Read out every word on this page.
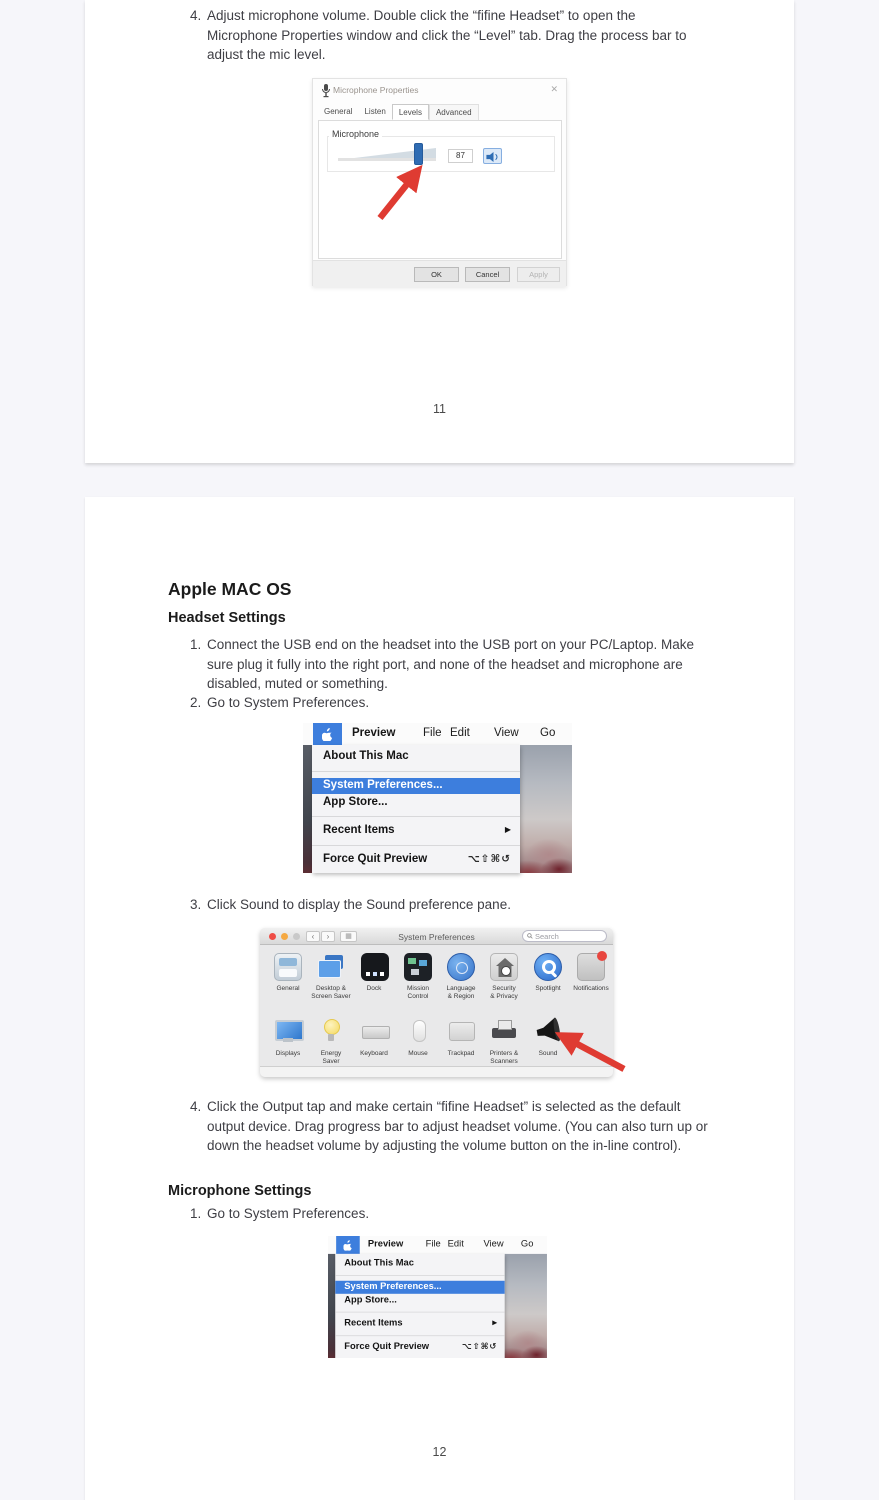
4. Adjust microphone volume. Double click the “fifine Headset” to open the Microphone Properties window and click the “Level” tab. Drag the process bar to adjust the mic level.
Microphone Properties	✕
General	Listen	Levels	Advanced
Microphone
87
OK	Cancel	Apply
11
Apple MAC OS
Headset Settings
1. Connect the USB end on the headset into the USB port on your PC/Laptop. Make sure plug it fully into the right port, and none of the headset and microphone are disabled, muted or something.
2. Go to System Preferences.
Preview File Edit View Go
About This Mac
System Preferences...
App Store...
Recent Items	▶
Force Quit Preview	⌥⇧⌘↺
3. Click Sound to display the Sound preference pane.
‹	›	▦	System Preferences	Search
General	Desktop &
Screen Saver
Dock	Mission
Control
Language
& Region
Security
& Privacy
Spotlight	Notifications
Displays	Energy
Saver
Keyboard	Mouse	Trackpad	Printers &
Scanners
Sound
4. Click the Output tap and make certain “fifine Headset” is selected as the default output device. Drag progress bar to adjust headset volume. (You can also turn up or down the headset volume by adjusting the volume button on the in-line control).
Microphone Settings
1. Go to System Preferences.
Preview File Edit View Go
About This Mac
System Preferences...
App Store...
Recent Items	▶
Force Quit Preview	⌥⇧⌘↺
12
